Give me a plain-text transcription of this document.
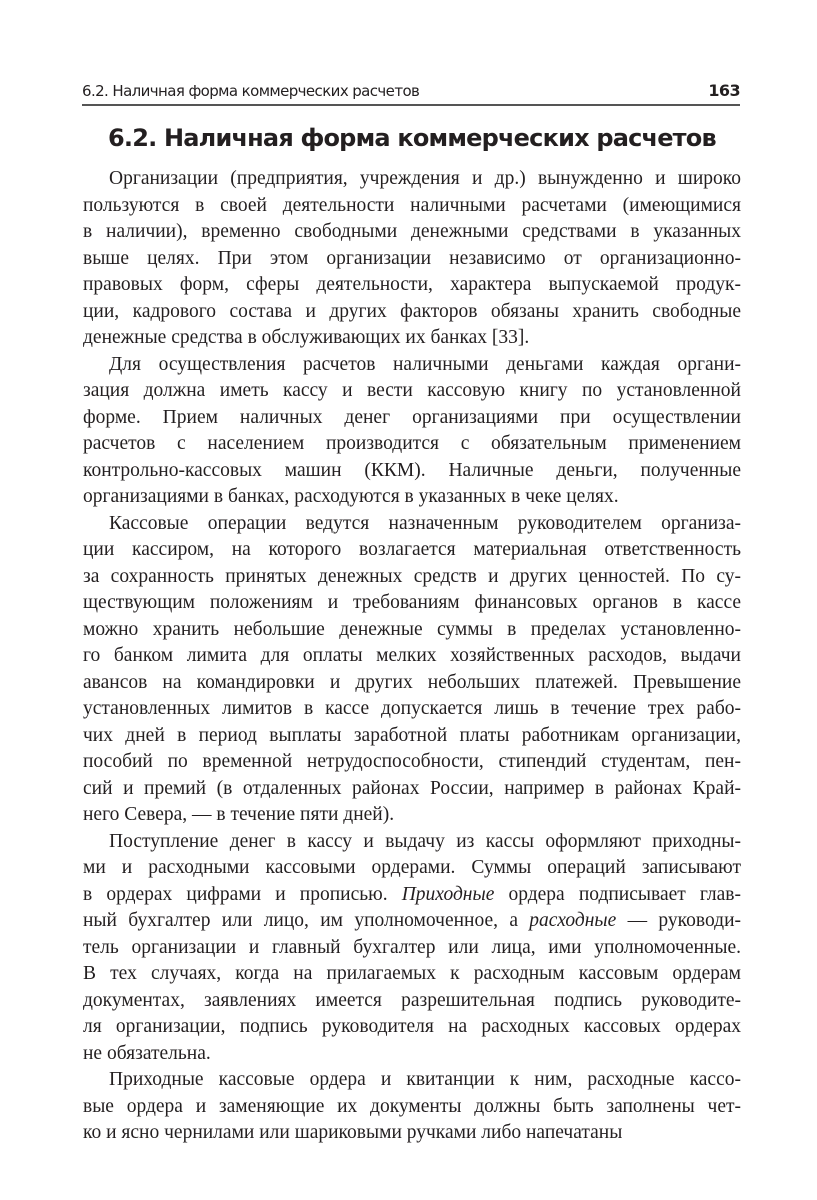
6.2. Наличная форма коммерческих расчетов	163
6.2. Наличная форма коммерческих расчетов
Организации (предприятия, учреждения и др.) вынужденно и широко
пользуются в своей деятельности наличными расчетами (имеющимися
в наличии), временно свободными денежными средствами в указанных
выше целях. При этом организации независимо от организационно-
правовых форм, сферы деятельности, характера выпускаемой продук-
ции, кадрового состава и других факторов обязаны хранить свободные
денежные средства в обслуживающих их банках [33].
Для осуществления расчетов наличными деньгами каждая органи-
зация должна иметь кассу и вести кассовую книгу по установленной
форме. Прием наличных денег организациями при осуществлении
расчетов с населением производится с обязательным применением
контрольно-кассовых машин (ККМ). Наличные деньги, полученные
организациями в банках, расходуются в указанных в чеке целях.
Кассовые операции ведутся назначенным руководителем организа-
ции кассиром, на которого возлагается материальная ответственность
за сохранность принятых денежных средств и других ценностей. По су-
ществующим положениям и требованиям финансовых органов в кассе
можно хранить небольшие денежные суммы в пределах установленно-
го банком лимита для оплаты мелких хозяйственных расходов, выдачи
авансов на командировки и других небольших платежей. Превышение
установленных лимитов в кассе допускается лишь в течение трех рабо-
чих дней в период выплаты заработной платы работникам организации,
пособий по временной нетрудоспособности, стипендий студентам, пен-
сий и премий (в отдаленных районах России, например в районах Край-
него Севера, — в течение пяти дней).
Поступление денег в кассу и выдачу из кассы оформляют приходны-
ми и расходными кассовыми ордерами. Суммы операций записывают
в ордерах цифрами и прописью. Приходные ордера подписывает глав-
ный бухгалтер или лицо, им уполномоченное, а расходные — руководи-
тель организации и главный бухгалтер или лица, ими уполномоченные.
В тех случаях, когда на прилагаемых к расходным кассовым ордерам
документах, заявлениях имеется разрешительная подпись руководите-
ля организации, подпись руководителя на расходных кассовых ордерах
не обязательна.
Приходные кассовые ордера и квитанции к ним, расходные кассо-
вые ордера и заменяющие их документы должны быть заполнены чет-
ко и ясно чернилами или шариковыми ручками либо напечатаны
